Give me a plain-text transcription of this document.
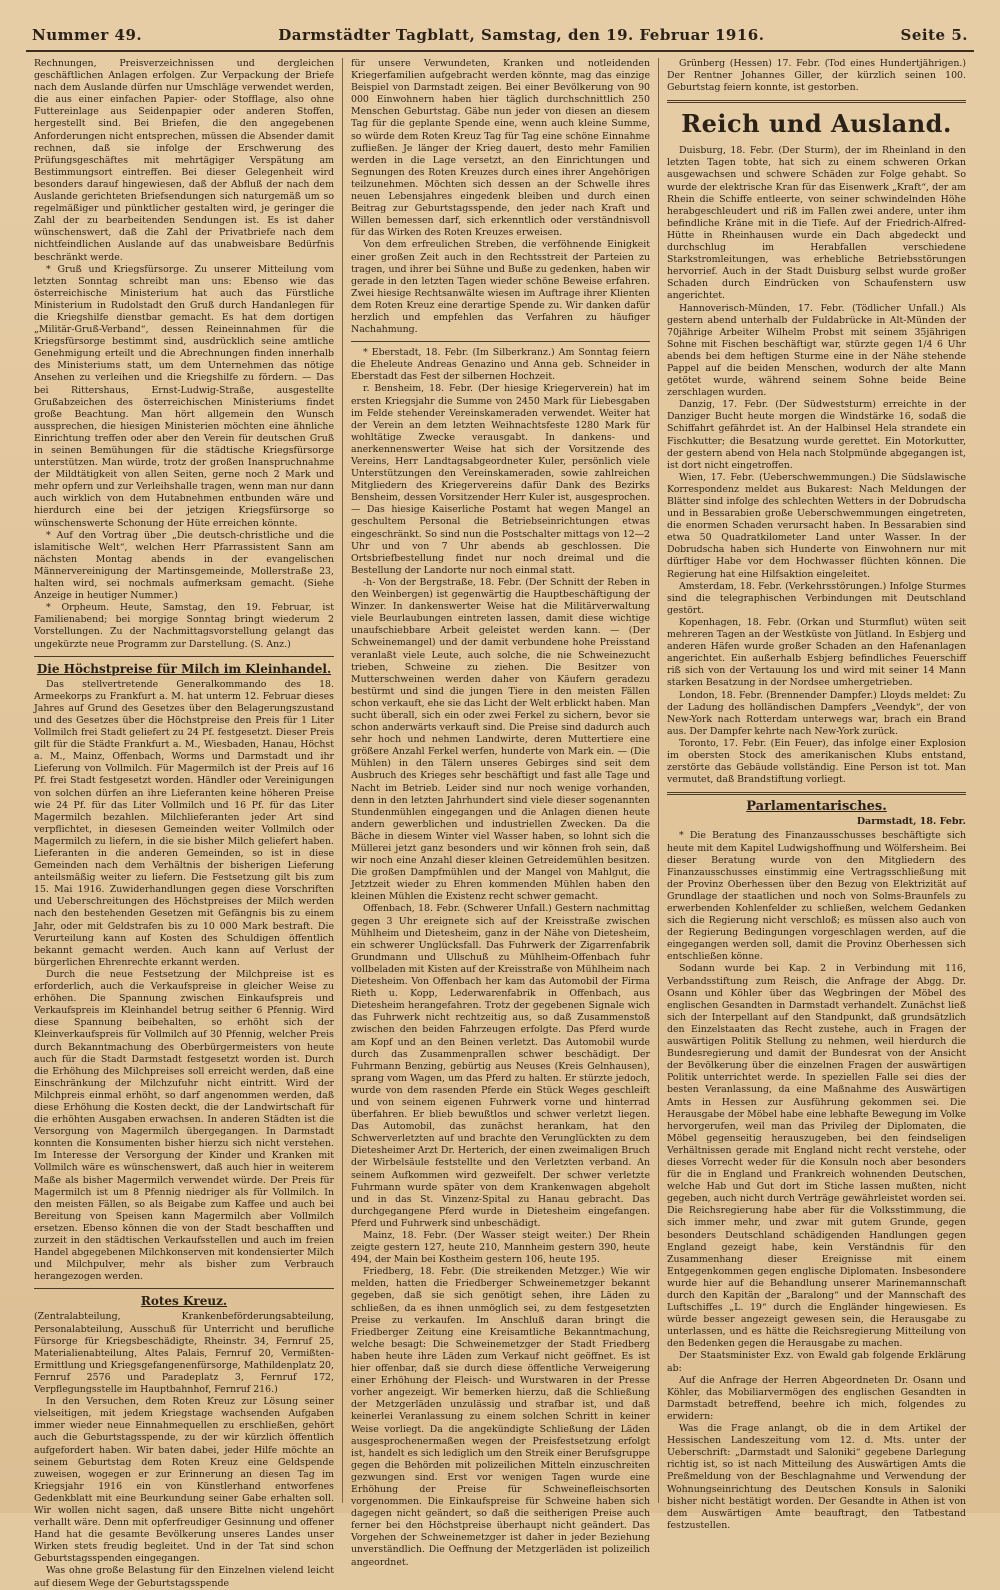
Nummer 49.	Darmstädter Tagblatt, Samstag, den 19. Februar 1916.	Seite 5.

Rechnungen, Preisverzeichnissen und dergleichen geschäftlichen Anlagen erfolgen. Zur Verpackung der Briefe nach dem Auslande dürfen nur Umschläge verwendet werden, die aus einer einfachen Papier- oder Stofflage, also ohne Futtereinlage aus Seidenpapier oder anderen Stoffen, hergestellt sind. Bei Briefen, die den angegebenen Anforderungen nicht entsprechen, müssen die Absender damit rechnen, daß sie infolge der Erschwerung des Prüfungsgeschäftes mit mehrtägiger Verspätung am Bestimmungsort eintreffen. Bei dieser Gelegenheit wird besonders darauf hingewiesen, daß der Abfluß der nach dem Auslande gerichteten Briefsendungen sich naturgemäß um so regelmäßiger und pünktlicher gestalten wird, je geringer die Zahl der zu bearbeitenden Sendungen ist. Es ist daher wünschenswert, daß die Zahl der Privatbriefe nach dem nichtfeindlichen Auslande auf das unabweisbare Bedürfnis beschränkt werde.

* Gruß und Kriegsfürsorge. Zu unserer Mitteilung vom letzten Sonntag schreibt man uns: Ebenso wie das österreichische Ministerium hat auch das Fürstliche Ministerium in Rudolstadt den Gruß durch Handanlegen für die Kriegshilfe dienstbar gemacht. Es hat dem dortigen „Militär-Gruß-Verband“, dessen Reineinnahmen für die Kriegsfürsorge bestimmt sind, ausdrücklich seine amtliche Genehmigung erteilt und die Abrechnungen finden innerhalb des Ministeriums statt, um dem Unternehmen das nötige Ansehen zu verleihen und die Kriegshilfe zu fördern. — Das bei Rittershaus, Ernst-Ludwig-Straße, ausgestellte Grußabzeichen des österreichischen Ministeriums findet große Beachtung. Man hört allgemein den Wunsch aussprechen, die hiesigen Ministerien möchten eine ähnliche Einrichtung treffen oder aber den Verein für deutschen Gruß in seinen Bemühungen für die städtische Kriegsfürsorge unterstützen. Man würde, trotz der großen Inanspruchnahme der Mildtätigkeit von allen Seiten, gerne noch 2 Mark und mehr opfern und zur Verleihshalle tragen, wenn man nur dann auch wirklich von dem Hutabnehmen entbunden wäre und hierdurch eine bei der jetzigen Kriegsfürsorge so wünschenswerte Schonung der Hüte erreichen könnte.

* Auf den Vortrag über „Die deutsch-christliche und die islamitische Welt“, welchen Herr Pfarrassistent Sann am nächsten Montag abends in der evangelischen Männervereinigung der Martinsgemeinde, Mollerstraße 23, halten wird, sei nochmals aufmerksam gemacht. (Siehe Anzeige in heutiger Nummer.)

* Orpheum. Heute, Samstag, den 19. Februar, ist Familienabend; bei morgige Sonntag bringt wiederum 2 Vorstellungen. Zu der Nachmittagsvorstellung gelangt das ungekürzte neue Programm zur Darstellung. (S. Anz.)

Die Höchstpreise für Milch im Kleinhandel.

Das stellvertretende Generalkommando des 18. Armeekorps zu Frankfurt a. M. hat unterm 12. Februar dieses Jahres auf Grund des Gesetzes über den Belagerungszustand und des Gesetzes über die Höchstpreise den Preis für 1 Liter Vollmilch frei Stadt geliefert zu 24 Pf. festgesetzt. Dieser Preis gilt für die Städte Frankfurt a. M., Wiesbaden, Hanau, Höchst a. M., Mainz, Offenbach, Worms und Darmstadt und ihr Lieferung von Vollmilch. Für Magermilch ist der Preis auf 16 Pf. frei Stadt festgesetzt worden. Händler oder Vereinigungen von solchen dürfen an ihre Lieferanten keine höheren Preise wie 24 Pf. für das Liter Vollmilch und 16 Pf. für das Liter Magermilch bezahlen. Milchlieferanten jeder Art sind verpflichtet, in diesesen Gemeinden weiter Vollmilch oder Magermilch zu liefern, in die sie bisher Milch geliefert haben. Lieferanten in die anderen Gemeinden, so ist in diese Gemeinden nach dem Verhältnis der bisherigen Lieferung anteilsmäßig weiter zu liefern. Die Festsetzung gilt bis zum 15. Mai 1916. Zuwiderhandlungen gegen diese Vorschriften und Ueberschreitungen des Höchstpreises der Milch werden nach den bestehenden Gesetzen mit Gefängnis bis zu einem Jahr, oder mit Geldstrafen bis zu 10 000 Mark bestraft. Die Verurteilung kann auf Kosten des Schuldigen öffentlich bekannt gemacht werden. Auch kann auf Verlust der bürgerlichen Ehrenrechte erkannt werden.

Durch die neue Festsetzung der Milchpreise ist es erforderlich, auch die Verkaufspreise in gleicher Weise zu erhöhen. Die Spannung zwischen Einkaufspreis und Verkaufspreis im Kleinhandel betrug seither 6 Pfennig. Wird diese Spannung beibehalten, so erhöht sich der Kleinverkaufspreis für Vollmilch auf 30 Pfennig, welcher Preis durch Bekanntmachung des Oberbürgermeisters von heute auch für die Stadt Darmstadt festgesetzt worden ist. Durch die Erhöhung des Milchpreises soll erreicht werden, daß eine Einschränkung der Milchzufuhr nicht eintritt. Wird der Milchpreis einmal erhöht, so darf angenommen werden, daß diese Erhöhung die Kosten deckt, die der Landwirtschaft für die erhöhten Ausgaben erwachsen. In anderen Städten ist die Versorgung von Magermilch übergegangen. In Darmstadt konnten die Konsumenten bisher hierzu sich nicht verstehen. Im Interesse der Versorgung der Kinder und Kranken mit Vollmilch wäre es wünschenswert, daß auch hier in weiterem Maße als bisher Magermilch verwendet würde. Der Preis für Magermilch ist um 8 Pfennig niedriger als für Vollmilch. In den meisten Fällen, so als Beigabe zum Kaffee und auch bei Bereitung von Speisen kann Magermilch aber Vollmilch ersetzen. Ebenso können die von der Stadt beschafften und zurzeit in den städtischen Verkaufsstellen und auch im freien Handel abgegebenen Milchkonserven mit kondensierter Milch und Milchpulver, mehr als bisher zum Verbrauch herangezogen werden.

Rotes Kreuz.

(Zentralabteilung, Krankenbeförderungsabteilung, Personalabteilung, Ausschuß für Unterricht und berufliche Fürsorge für Kriegsbeschädigte, Rheinstr. 34, Fernruf 25, Materialienabteilung, Altes Palais, Fernruf 20, Vermißten-Ermittlung und Kriegsgefangenenfürsorge, Mathildenplatz 20, Fernruf 2576 und Paradeplatz 3, Fernruf 172, Verpflegungsstelle im Hauptbahnhof, Fernruf 216.)

In den Versuchen, dem Roten Kreuz zur Lösung seiner vielseitigen, mit jedem Kriegstage wachsenden Aufgaben immer wieder neue Einnahmequellen zu erschließen, gehört auch die Geburtstagsspende, zu der wir kürzlich öffentlich aufgefordert haben. Wir baten dabei, jeder Hilfe möchte an seinem Geburtstag dem Roten Kreuz eine Geldspende zuweisen, wogegen er zur Erinnerung an diesen Tag im Kriegsjahr 1916 ein von Künstlerhand entworfenes Gedenkblatt mit eine Beurkundung seiner Gabe erhalten soll. Wir wollen nicht sagen, daß unsere Bitte nicht ungehört verhallt wäre. Denn mit opferfreudiger Gesinnung und offener Hand hat die gesamte Bevölkerung unseres Landes unser Wirken stets freudig begleitet. Und in der Tat sind schon Geburtstagsspenden eingegangen.

Was ohne große Belastung für den Einzelnen vielend leicht auf diesem Wege der Geburtstagsspende

für unsere Verwundeten, Kranken und notleidenden Kriegerfamilien aufgebracht werden könnte, mag das einzige Beispiel von Darmstadt zeigen. Bei einer Bevölkerung von 90 000 Einwohnern haben hier täglich durchschnittlich 250 Menschen Geburtstag. Gäbe nun jeder von diesen an diesem Tag für die geplante Spende eine, wenn auch kleine Summe, so würde dem Roten Kreuz Tag für Tag eine schöne Einnahme zufließen. Je länger der Krieg dauert, desto mehr Familien werden in die Lage versetzt, an den Einrichtungen und Segnungen des Roten Kreuzes durch eines ihrer Angehörigen teilzunehmen. Möchten sich dessen an der Schwelle ihres neuen Lebensjahres eingedenk bleiben und durch einen Beitrag zur Geburtstagsspende, den jeder nach Kraft und Willen bemessen darf, sich erkenntlich oder verständnisvoll für das Wirken des Roten Kreuzes erweisen.

Von dem erfreulichen Streben, die verföhnende Einigkeit einer großen Zeit auch in den Rechtsstreit der Parteien zu tragen, und ihrer bei Sühne und Buße zu gedenken, haben wir gerade in den letzten Tagen wieder schöne Beweise erfahren. Zwei hiesige Rechtsanwälte wiesen im Auftrage ihrer Klienten dem Roten Kreuz eine derartige Spende zu. Wir danken dafür herzlich und empfehlen das Verfahren zu häufiger Nachahmung.

* Eberstadt, 18. Febr. (Im Silberkranz.) Am Sonntag feiern die Eheleute Andreas Genazino und Anna geb. Schneider in Eberstadt das Fest der silbernen Hochzeit.

r. Bensheim, 18. Febr. (Der hiesige Kriegerverein) hat im ersten Kriegsjahr die Summe von 2450 Mark für Liebesgaben im Felde stehender Vereinskameraden verwendet. Weiter hat der Verein an dem letzten Weihnachtsfeste 1280 Mark für wohltätige Zwecke verausgabt. In dankens- und anerkennenswerter Weise hat sich der Vorsitzende des Vereins, Herr Landtagsabgeordneter Kuler, persönlich viele Unterstützungen den Vereinskameraden, sowie zahlreichen Mitgliedern des Kriegervereins dafür Dank des Bezirks Bensheim, dessen Vorsitzender Herr Kuler ist, ausgesprochen. — Das hiesige Kaiserliche Postamt hat wegen Mangel an geschultem Personal die Betriebseinrichtungen etwas eingeschränkt. So sind nun die Postschalter mittags von 12—2 Uhr und von 7 Uhr abends ab geschlossen. Die Ortsbriefbestellung findet nur noch dreimal und die Bestellung der Landorte nur noch einmal statt.

-h- Von der Bergstraße, 18. Febr. (Der Schnitt der Reben in den Weinbergen) ist gegenwärtig die Hauptbeschäftigung der Winzer. In dankenswerter Weise hat die Militärverwaltung viele Beurlaubungen eintreten lassen, damit diese wichtige unaufschiebbare Arbeit geleistet werden kann. — (Der Schweinemangel) und der damit verbundene hohe Preisstand veranlaßt viele Leute, auch solche, die nie Schweinezucht trieben, Schweine zu ziehen. Die Besitzer von Mutterschweinen werden daher von Käufern geradezu bestürmt und sind die jungen Tiere in den meisten Fällen schon verkauft, ehe sie das Licht der Welt erblickt haben. Man sucht überall, sich ein oder zwei Ferkel zu sichern, bevor sie schon anderwärts verkauft sind. Die Preise sind dadurch auch sehr hoch und nehmen Landwirte, deren Muttertiere eine größere Anzahl Ferkel werfen, hunderte von Mark ein. — (Die Mühlen) in den Tälern unseres Gebirges sind seit dem Ausbruch des Krieges sehr beschäftigt und fast alle Tage und Nacht im Betrieb. Leider sind nur noch wenige vorhanden, denn in den letzten Jahrhundert sind viele dieser sogenannten Stundenmühlen eingegangen und die Anlagen dienen heute andern gewerblichen und industriellen Zwecken. Da die Bäche in diesem Winter viel Wasser haben, so lohnt sich die Müllerei jetzt ganz besonders und wir können froh sein, daß wir noch eine Anzahl dieser kleinen Getreidemühlen besitzen. Die großen Dampfmühlen und der Mangel von Mahlgut, die Jetztzeit wieder zu Ehren kommenden Mühlen haben den kleinen Mühlen die Existenz recht schwer gemacht.

Offenbach, 18. Febr. (Schwerer Unfall.) Gestern nachmittag gegen 3 Uhr ereignete sich auf der Kreisstraße zwischen Mühlheim und Dietesheim, ganz in der Nähe von Dietesheim, ein schwerer Unglücksfall. Das Fuhrwerk der Zigarrenfabrik Grundmann und Ullschuß zu Mühlheim-Offenbach fuhr vollbeladen mit Kisten auf der Kreisstraße von Mühlheim nach Dietesheim. Von Offenbach her kam das Automobil der Firma Rieth u. Kopp, Lederwarenfabrik in Offenbach, aus Dietesheim herangefahren. Trotz der gegebenen Signale wich das Fuhrwerk nicht rechtzeitig aus, so daß Zusammenstoß zwischen den beiden Fahrzeugen erfolgte. Das Pferd wurde am Kopf und an den Beinen verletzt. Das Automobil wurde durch das Zusammenprallen schwer beschädigt. Der Fuhrmann Benzing, gebürtig aus Neuses (Kreis Gelnhausen), sprang vom Wagen, um das Pferd zu halten. Er stürzte jedoch, wurde von dem rasenden Pferde ein Stück Weges geschleift und von seinem eigenen Fuhrwerk vorne und hinterrad überfahren. Er blieb bewußtlos und schwer verletzt liegen. Das Automobil, das zunächst herankam, hat den Schwerverletzten auf und brachte den Verunglückten zu dem Dietesheimer Arzt Dr. Herterich, der einen zweimaligen Bruch der Wirbelsäule feststellte und den Verletzten verband. An seinem Aufkommen wird gezweifelt. Der schwer verletzte Fuhrmann wurde später von dem Krankenwagen abgeholt und in das St. Vinzenz-Spital zu Hanau gebracht. Das durchgegangene Pferd wurde in Dietesheim eingefangen. Pferd und Fuhrwerk sind unbeschädigt.

Mainz, 18. Febr. (Der Wasser steigt weiter.) Der Rhein zeigte gestern 127, heute 210, Mannheim gestern 390, heute 494, der Main bei Kostheim gestern 106, heute 195.

Friedberg, 18. Febr. (Die streikenden Metzger.) Wie wir melden, hatten die Friedberger Schweinemetzger bekannt gegeben, daß sie sich genötigt sehen, ihre Läden zu schließen, da es ihnen unmöglich sei, zu dem festgesetzten Preise zu verkaufen. Im Anschluß daran bringt die Friedberger Zeitung eine Kreisamtliche Bekanntmachung, welche besagt: Die Schweinemetzger der Stadt Friedberg haben heute ihre Läden zum Verkauf nicht geöffnet. Es ist hier offenbar, daß sie durch diese öffentliche Verweigerung einer Erhöhung der Fleisch- und Wurstwaren in der Presse vorher angezeigt. Wir bemerken hierzu, daß die Schließung der Metzgerläden unzulässig und strafbar ist, und daß keinerlei Veranlassung zu einem solchen Schritt in keiner Weise vorliegt. Da die angekündigte Schließung der Läden ausgesprochenermaßen wegen der Preisfestsetzung erfolgt ist, handelt es sich lediglich um den Streik einer Berufsgruppe gegen die Behörden mit polizeilichen Mitteln einzuschreiten gezwungen sind. Erst vor wenigen Tagen wurde eine Erhöhung der Preise für Schweinefleischsorten vorgenommen. Die Einkaufspreise für Schweine haben sich dagegen nicht geändert, so daß die seitherigen Preise auch ferner bei den Höchstpreise überhaupt nicht geändert. Das Vorgehen der Schweinemetzger ist daher in jeder Beziehung unverständlich. Die Oeffnung der Metzgerläden ist polizeilich angeordnet.

Grünberg (Hessen) 17. Febr. (Tod eines Hundertjährigen.) Der Rentner Johannes Giller, der kürzlich seinen 100. Geburtstag feiern konnte, ist gestorben.

Reich und Ausland.

Duisburg, 18. Febr. (Der Sturm), der im Rheinland in den letzten Tagen tobte, hat sich zu einem schweren Orkan ausgewachsen und schwere Schäden zur Folge gehabt. So wurde der elektrische Kran für das Eisenwerk „Kraft“, der am Rhein die Schiffe entleerte, von seiner schwindelnden Höhe herabgeschleudert und riß im Fallen zwei andere, unter ihm befindliche Kräne mit in die Tiefe. Auf der Friedrich-Alfred-Hütte in Rheinhausen wurde ein Dach abgedeckt und durchschlug im Herabfallen verschiedene Starkstromleitungen, was erhebliche Betriebsstörungen hervorrief. Auch in der Stadt Duisburg selbst wurde großer Schaden durch Eindrücken von Schaufenstern usw angerichtet.

Hannoverisch-Münden, 17. Febr. (Tödlicher Unfall.) Als gestern abend unterhalb der Fuldabrücke in Alt-Münden der 70jährige Arbeiter Wilhelm Probst mit seinem 35jährigen Sohne mit Fischen beschäftigt war, stürzte gegen 1/4 6 Uhr abends bei dem heftigen Sturme eine in der Nähe stehende Pappel auf die beiden Menschen, wodurch der alte Mann getötet wurde, während seinem Sohne beide Beine zerschlagen wurden.

Danzig, 17. Febr. (Der Südweststurm) erreichte in der Danziger Bucht heute morgen die Windstärke 16, sodaß die Schiffahrt gefährdet ist. An der Halbinsel Hela strandete ein Fischkutter; die Besatzung wurde gerettet. Ein Motorkutter, der gestern abend von Hela nach Stolpmünde abgegangen ist, ist dort nicht eingetroffen.

Wien, 17. Febr. (Ueberschwemmungen.) Die Südslawische Korrespondenz meldet aus Bukarest: Nach Meldungen der Blätter sind infolge des schlechten Wetters in der Dobrudscha und in Bessarabien große Ueberschwemmungen eingetreten, die enormen Schaden verursacht haben. In Bessarabien sind etwa 50 Quadratkilometer Land unter Wasser. In der Dobrudscha haben sich Hunderte von Einwohnern nur mit dürftiger Habe vor dem Hochwasser flüchten können. Die Regierung hat eine Hilfsaktion eingeleitet.

Amsterdam, 18. Febr. (Verkehrsstörungen.) Infolge Sturmes sind die telegraphischen Verbindungen mit Deutschland gestört.

Kopenhagen, 18. Febr. (Orkan und Sturmflut) wüten seit mehreren Tagen an der Westküste von Jütland. In Esbjerg und anderen Häfen wurde großer Schaden an den Hafenanlagen angerichtet. Ein außerhalb Esbjerg befindliches Feuerschiff riß sich von der Vertauung los und wird mit seiner 14 Mann starken Besatzung in der Nordsee umhergetrieben.

London, 18. Febr. (Brennender Dampfer.) Lloyds meldet: Zu der Ladung des holländischen Dampfers „Veendyk“, der von New-York nach Rotterdam unterwegs war, brach ein Brand aus. Der Dampfer kehrte nach New-York zurück.

Toronto, 17. Febr. (Ein Feuer), das infolge einer Explosion im obersten Stock des amerikanischen Klubs entstand, zerstörte das Gebäude vollständig. Eine Person ist tot. Man vermutet, daß Brandstiftung vorliegt.

Parlamentarisches.
Darmstadt, 18. Febr.

* Die Beratung des Finanzausschusses beschäftigte sich heute mit dem Kapitel Ludwigshoffnung und Wölfersheim. Bei dieser Beratung wurde von den Mitgliedern des Finanzausschusses einstimmig eine Vertragsschließung mit der Provinz Oberhessen über den Bezug von Elektrizität auf Grundlage der staatlichen und noch von Solms-Braunfels zu erwerbenden Kohlenfelder zu schließen, welchem Gedanken sich die Regierung nicht verschloß; es müssen also auch von der Regierung Bedingungen vorgeschlagen werden, auf die eingegangen werden soll, damit die Provinz Oberhessen sich entschließen könne.

Sodann wurde bei Kap. 2 in Verbindung mit 116, Verbandsstiftung zum Reisch, die Anfrage der Abgg. Dr. Osann und Köhler über das Wegbringen der Möbel des englischen Gesandten in Darmstadt verhandelt. Zunächst ließ sich der Interpellant auf den Standpunkt, daß grundsätzlich den Einzelstaaten das Recht zustehe, auch in Fragen der auswärtigen Politik Stellung zu nehmen, weil hierdurch die Bundesregierung und damit der Bundesrat von der Ansicht der Bevölkerung über die einzelnen Fragen der auswärtigen Politik unterrichtet werde. In speziellen Falle sei dies der besten Veranlassung, da eine Maßnahme des Auswärtigen Amts in Hessen zur Ausführung gekommen sei. Die Herausgabe der Möbel habe eine lebhafte Bewegung im Volke hervorgerufen, weil man das Privileg der Diplomaten, die Möbel gegenseitig herauszugeben, bei den feindseligen Verhältnissen gerade mit England nicht recht verstehe, oder dieses Vorrecht weder für die Konsuln noch aber besonders für die in England und Frankreich wohnenden Deutschen, welche Hab und Gut dort im Stiche lassen mußten, nicht gegeben, auch nicht durch Verträge gewährleistet worden sei. Die Reichsregierung habe aber für die Volksstimmung, die sich immer mehr, und zwar mit gutem Grunde, gegen besonders Deutschland schädigenden Handlungen gegen England gezeigt habe, kein Verständnis für den Zusammenhang dieser Ereignisse mit einem Entgegenkommen gegen englische Diplomaten. Insbesondere wurde hier auf die Behandlung unserer Marinemannschaft durch den Kapitän der „Baralong“ und der Mannschaft des Luftschiffes „L. 19“ durch die Engländer hingewiesen. Es würde besser angezeigt gewesen sein, die Herausgabe zu unterlassen, und es hätte die Reichsregierung Mitteilung von den Bedenken gegen die Herausgabe zu machen.

Der Staatsminister Exz. von Ewald gab folgende Erklärung ab:

Auf die Anfrage der Herren Abgeordneten Dr. Osann und Köhler, das Mobiliarvermögen des englischen Gesandten in Darmstadt betreffend, beehre ich mich, folgendes zu erwidern:

Was die Frage anlangt, ob die in dem Artikel der Hessischen Landeszeitung vom 12. d. Mts. unter der Ueberschrift: „Darmstadt und Saloniki“ gegebene Darlegung richtig ist, so ist nach Mitteilung des Auswärtigen Amts die Preßmeldung von der Beschlagnahme und Verwendung der Wohnungseinrichtung des Deutschen Konsuls in Saloniki bisher nicht bestätigt worden. Der Gesandte in Athen ist von dem Auswärtigen Amte beauftragt, den Tatbestand festzustellen.
